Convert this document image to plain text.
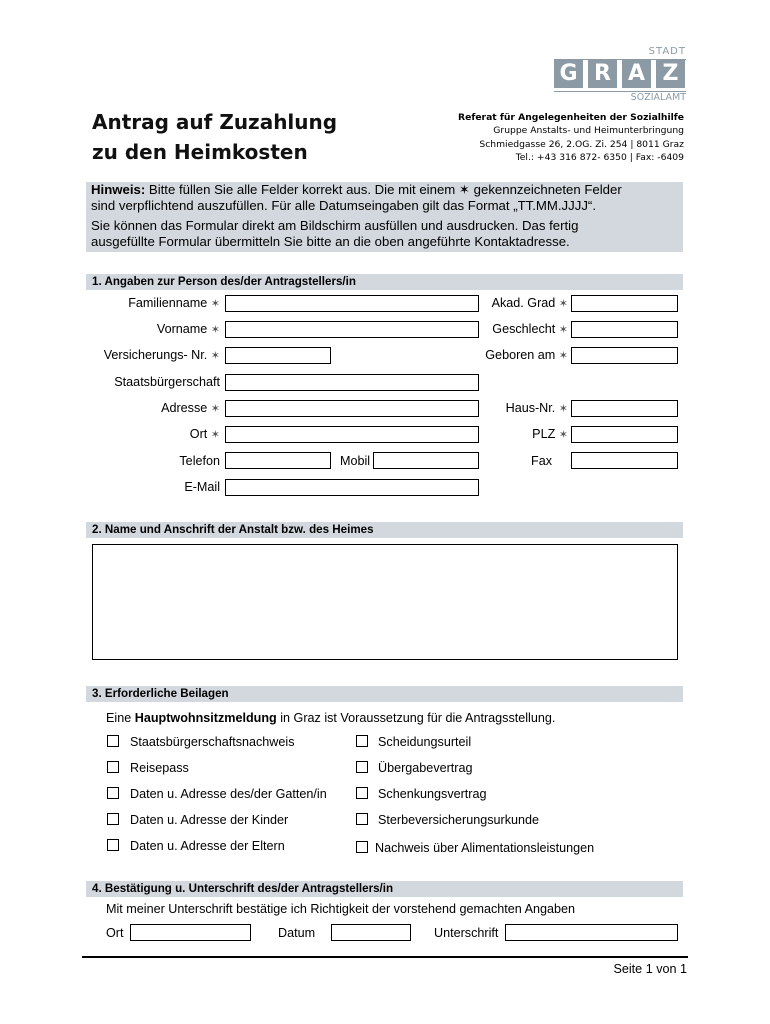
STADT
G R A Z
SOZIALAMT
Antrag auf Zuzahlung
zu den Heimkosten
Referat für Angelegenheiten der Sozialhilfe
Gruppe Anstalts- und Heimunterbringung
Schmiedgasse 26, 2.OG. Zi. 254 | 8011 Graz
Tel.: +43 316 872- 6350 | Fax: -6409

Hinweis: Bitte füllen Sie alle Felder korrekt aus. Die mit einem ✶ gekennzeichneten Felder

sind verpflichtend auszufüllen. Für alle Datumseingaben gilt das Format „TT.MM.JJJJ“.

Sie können das Formular direkt am Bildschirm ausfüllen und ausdrucken. Das fertig

ausgefüllte Formular übermitteln Sie bitte an die oben angeführte Kontaktadresse.

1. Angaben zur Person des/der Antragstellers/in
Familienname ✶	Akad. Grad ✶
Vorname ✶	Geschlecht ✶
Versicherungs- Nr. ✶	Geboren am ✶
Staatsbürgerschaft
Adresse ✶	Haus-Nr. ✶
Ort ✶	PLZ ✶
Telefon	Mobil	Fax
E-Mail
2. Name und Anschrift der Anstalt bzw. des Heimes
3. Erforderliche Beilagen
Eine Hauptwohnsitzmeldung in Graz ist Voraussetzung für die Antragsstellung.
Staatsbürgerschaftsnachweis
Reisepass
Daten u. Adresse des/der Gatten/in
Daten u. Adresse der Kinder
Daten u. Adresse der Eltern
Scheidungsurteil
Übergabevertrag
Schenkungsvertrag
Sterbeversicherungsurkunde
Nachweis über Alimentationsleistungen
4. Bestätigung u. Unterschrift des/der Antragstellers/in
Mit meiner Unterschrift bestätige ich Richtigkeit der vorstehend gemachten Angaben
Ort	Datum	Unterschrift
Seite 1 von 1
